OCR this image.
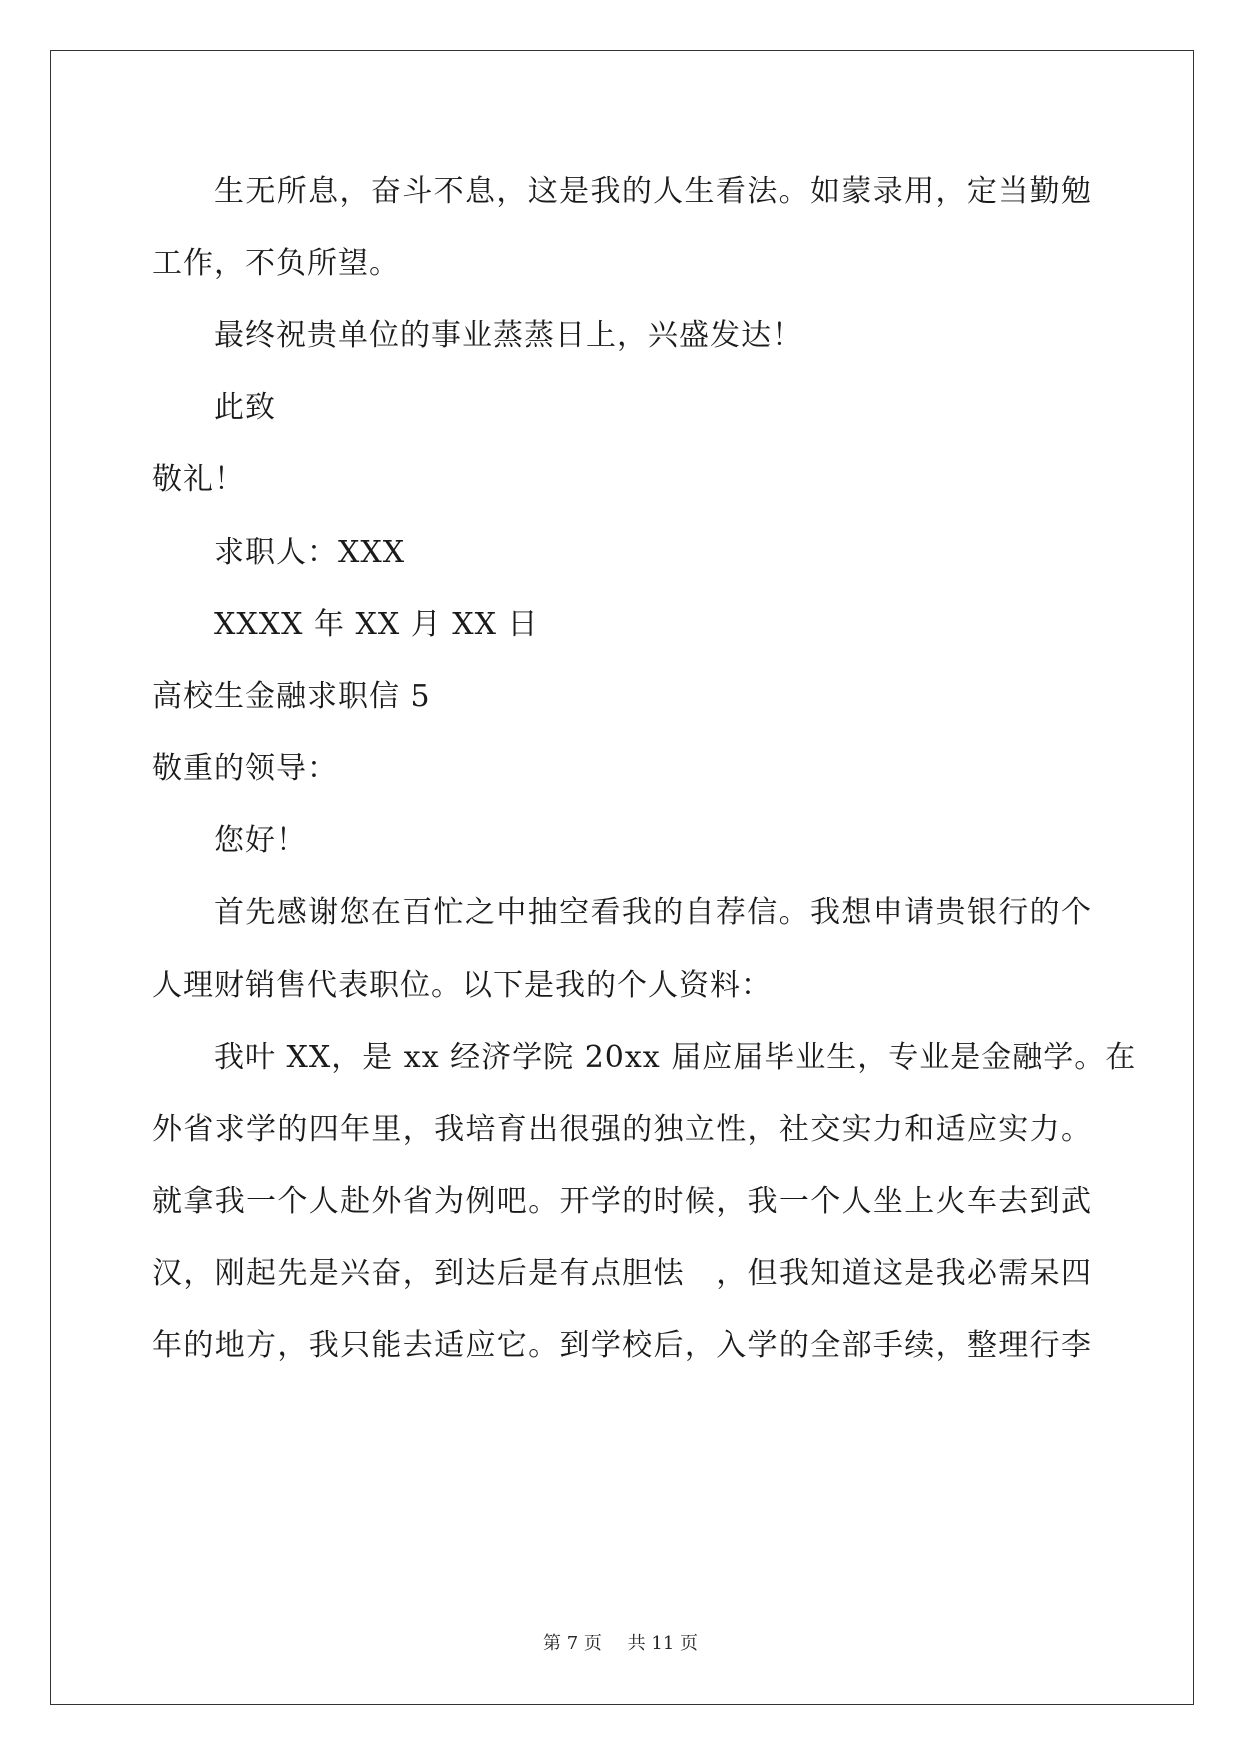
生无所息，奋斗不息，这是我的人生看法。如蒙录用，定当勤勉
工作，不负所望。
最终祝贵单位的事业蒸蒸日上，兴盛发达！
此致
敬礼！
求职人：XXX
XXXX 年 XX 月 XX 日
高校生金融求职信 5
敬重的领导：
您好！
首先感谢您在百忙之中抽空看我的自荐信。我想申请贵银行的个
人理财销售代表职位。以下是我的个人资料：
我叶 XX，是 xx 经济学院 20xx 届应届毕业生，专业是金融学。在
外省求学的四年里，我培育出很强的独立性，社交实力和适应实力。
就拿我一个人赴外省为例吧。开学的时候，我一个人坐上火车去到武
汉，刚起先是兴奋，到达后是有点胆怯　，但我知道这是我必需呆四
年的地方，我只能去适应它。到学校后，入学的全部手续，整理行李
第 7 页 共 11 页
